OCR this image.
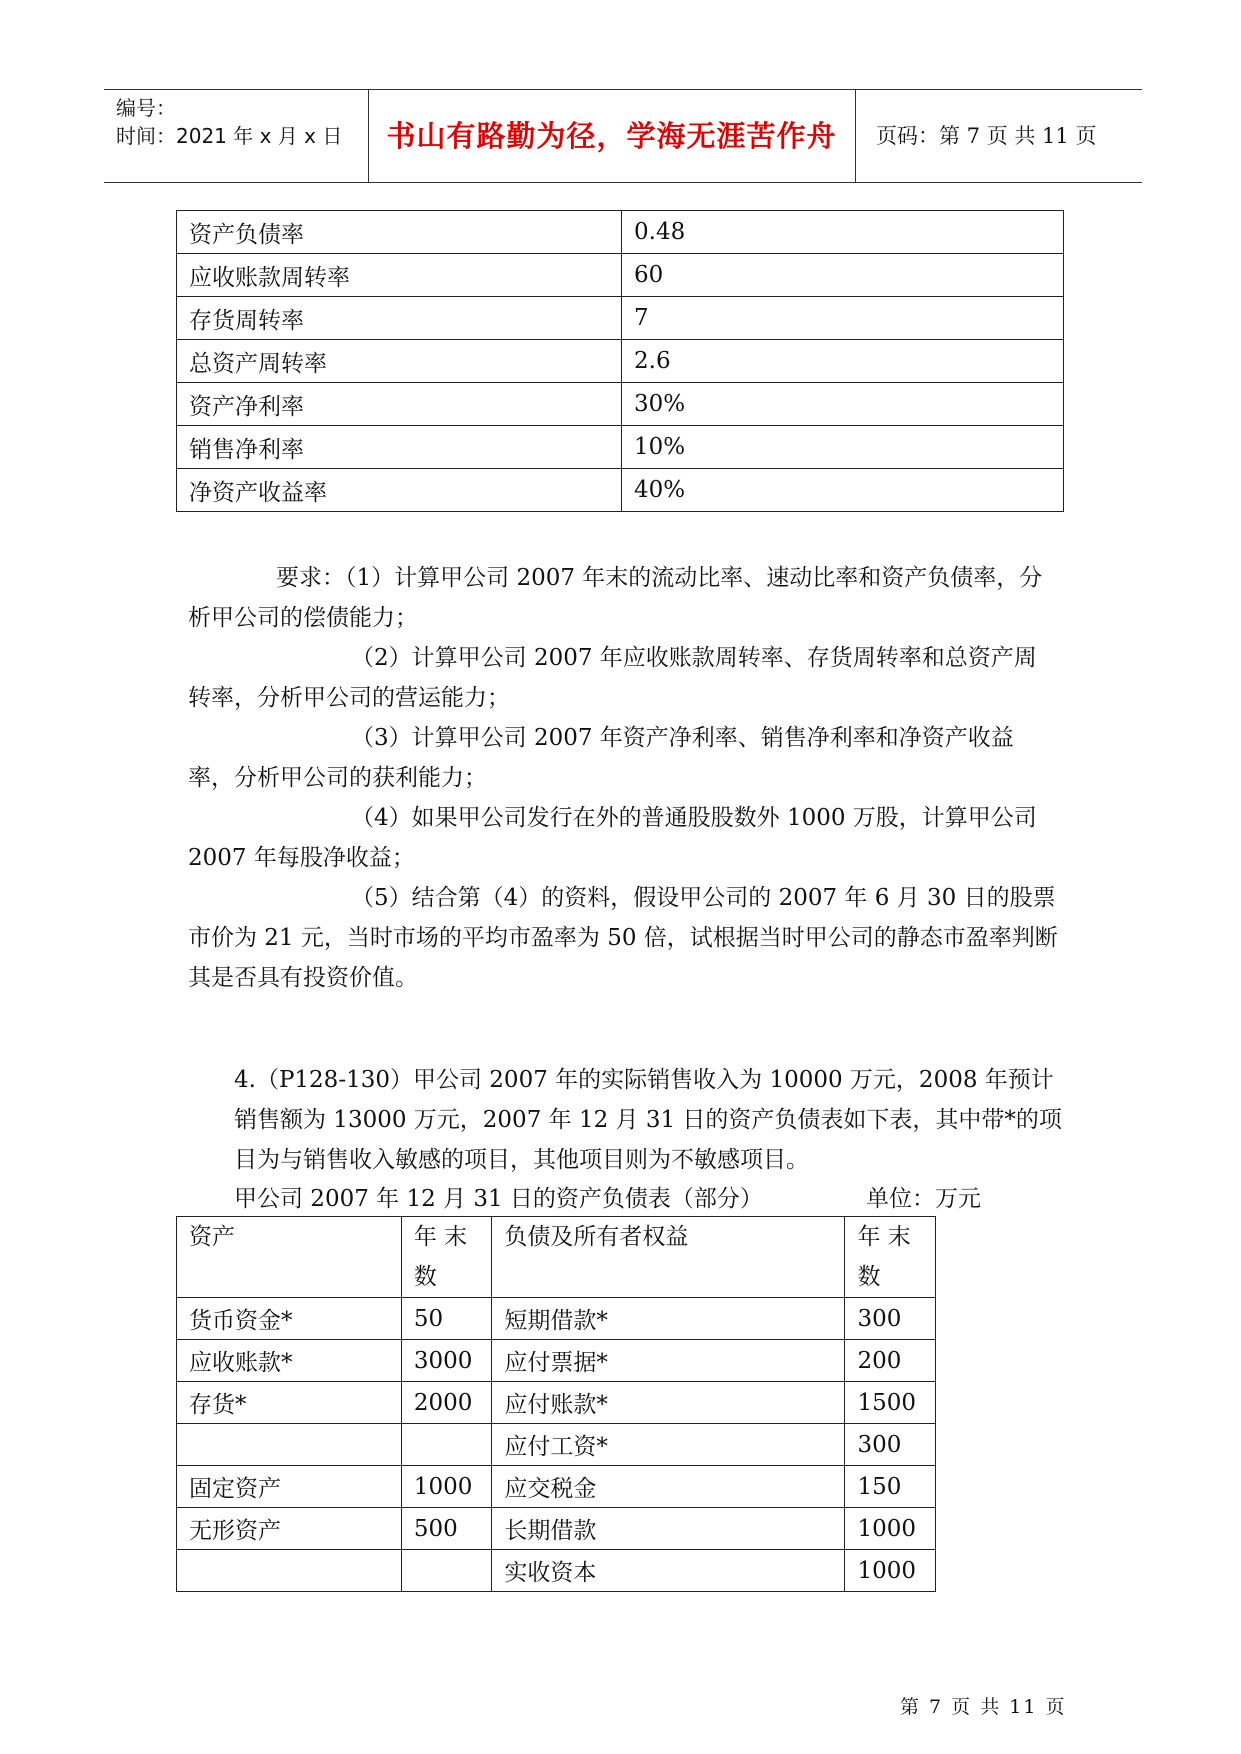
编号：
时间：2021 年 x 月 x 日	书山有路勤为径，学海无涯苦作舟	页码：第 7 页 共 11 页
资产负债率	0.48
应收账款周转率	60
存货周转率	7
总资产周转率	2.6
资产净利率	30%
销售净利率	10%
净资产收益率	40%
要求：（1）计算甲公司 2007 年末的流动比率、速动比率和资产负债率，分析甲公司的偿债能力；
（2）计算甲公司 2007 年应收账款周转率、存货周转率和总资产周转率，分析甲公司的营运能力；
（3）计算甲公司 2007 年资产净利率、销售净利率和净资产收益率，分析甲公司的获利能力；
（4）如果甲公司发行在外的普通股股数外 1000 万股，计算甲公司 2007 年每股净收益；
（5）结合第（4）的资料，假设甲公司的 2007 年 6 月 30 日的股票市价为 21 元，当时市场的平均市盈率为 50 倍，试根据当时甲公司的静态市盈率判断其是否具有投资价值。
4.（P128-130）甲公司 2007 年的实际销售收入为 10000 万元，2008 年预计销售额为 13000 万元，2007 年 12 月 31 日的资产负债表如下表，其中带*的项目为与销售收入敏感的项目，其他项目则为不敏感项目。
甲公司 2007 年 12 月 31 日的资产负债表（部分）	单位：万元
资产	年 末 数	负债及所有者权益	年 末 数
货币资金*	50	短期借款*	300
应收账款*	3000	应付票据*	200
存货*	2000	应付账款*	1500
		应付工资*	300
固定资产	1000	应交税金	150
无形资产	500	长期借款	1000
		实收资本	1000
第 7 页 共 11 页
